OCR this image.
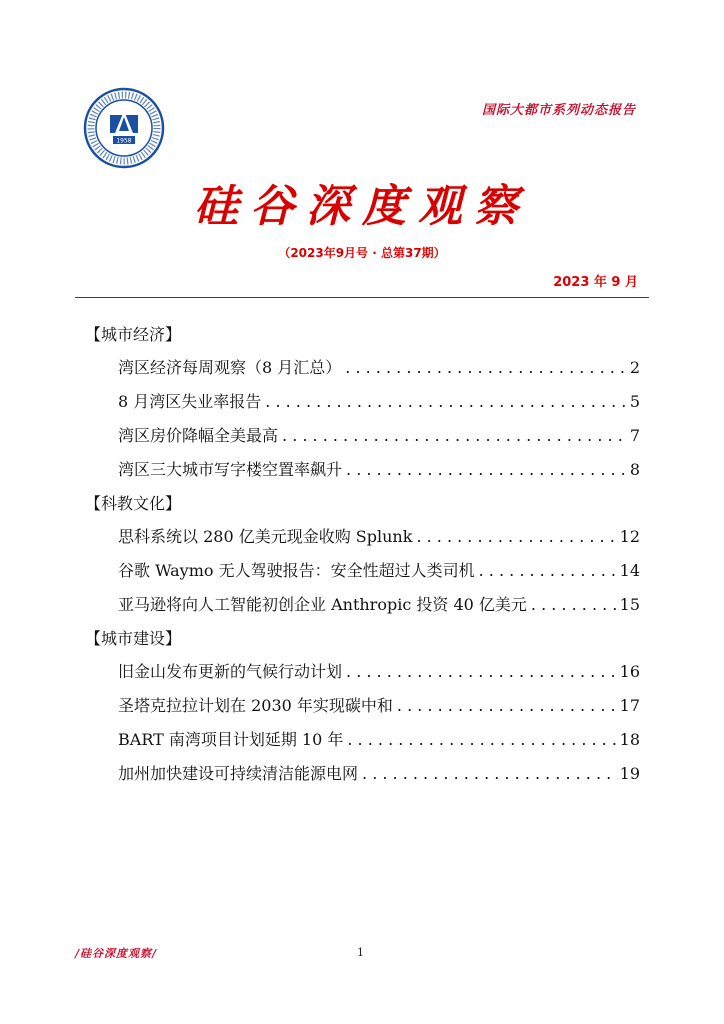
1958
国际大都市系列动态报告
硅谷深度观察
（2023年9月号 · 总第37期）
2023 年 9 月
【城市经济】
湾区经济每周观察（8 月汇总） . . .	2
8 月湾区失业率报告 . . .	5
湾区房价降幅全美最高 . . .	7
湾区三大城市写字楼空置率飙升 . . .	8
【科教文化】
思科系统以 280 亿美元现金收购 Splunk . . .	12
谷歌 Waymo 无人驾驶报告：安全性超过人类司机 . . .	14
亚马逊将向人工智能初创企业 Anthropic 投资 40 亿美元 . . .	15
【城市建设】
旧金山发布更新的气候行动计划 . . .	16
圣塔克拉拉计划在 2030 年实现碳中和 . . .	17
BART 南湾项目计划延期 10 年 . . .	18
加州加快建设可持续清洁能源电网 . . .	19
/硅谷深度观察/	1
